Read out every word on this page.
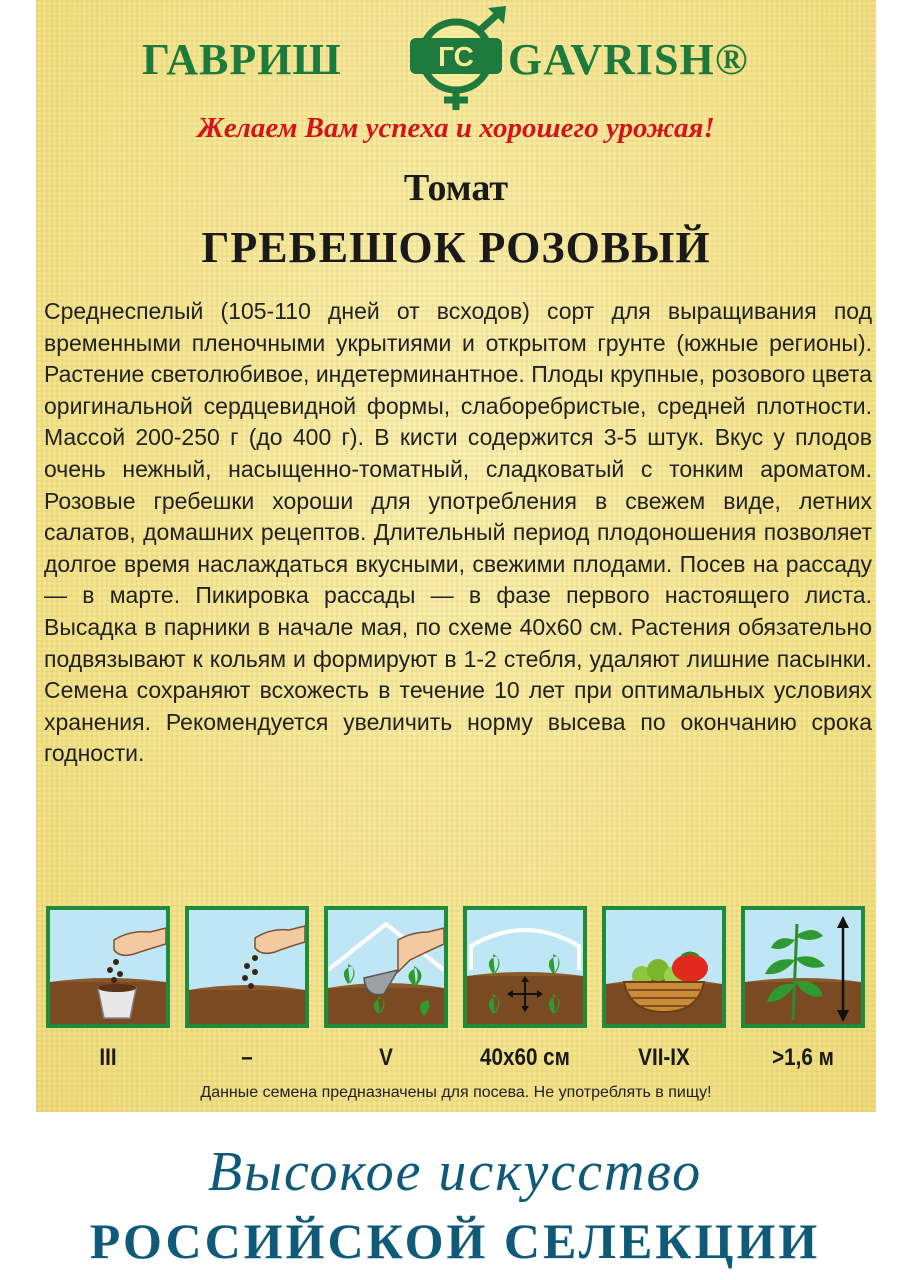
ГАВРИШ	ГС GAVRISH®
Желаем Вам успеха и хорошего урожая!
Томат
ГРЕБЕШОК РОЗОВЫЙ
Среднеспелый (105-110 дней от всходов) сорт для выращивания под временными пленочными укрытиями и открытом грунте (южные регионы). Растение светолюбивое, индетерминантное. Плоды крупные, розового цвета оригинальной сердцевидной формы, слаборебристые, средней плотности. Массой 200-250 г (до 400 г). В кисти содержится 3-5 штук. Вкус у плодов очень нежный, насыщенно-томатный, сладковатый с тонким ароматом. Розовые гребешки хороши для употребления в свежем виде, летних салатов, домашних рецептов. Длительный период плодоношения позволяет долгое время наслаждаться вкусными, свежими плодами. Посев на рассаду — в марте. Пикировка рассады — в фазе первого настоящего листа. Высадка в парники в начале мая, по схеме 40х60 см. Растения обязательно подвязывают к кольям и формируют в 1-2 стебля, удаляют лишние пасынки. Семена сохраняют всхожесть в течение 10 лет при оптимальных условиях хранения. Рекомендуется увеличить норму высева по окончанию срока годности.
III	–	V	40х60 см	VII-IX	>1,6 м
Данные семена предназначены для посева. Не употреблять в пищу!
Высокое искусство
РОССИЙСКОЙ СЕЛЕКЦИИ
